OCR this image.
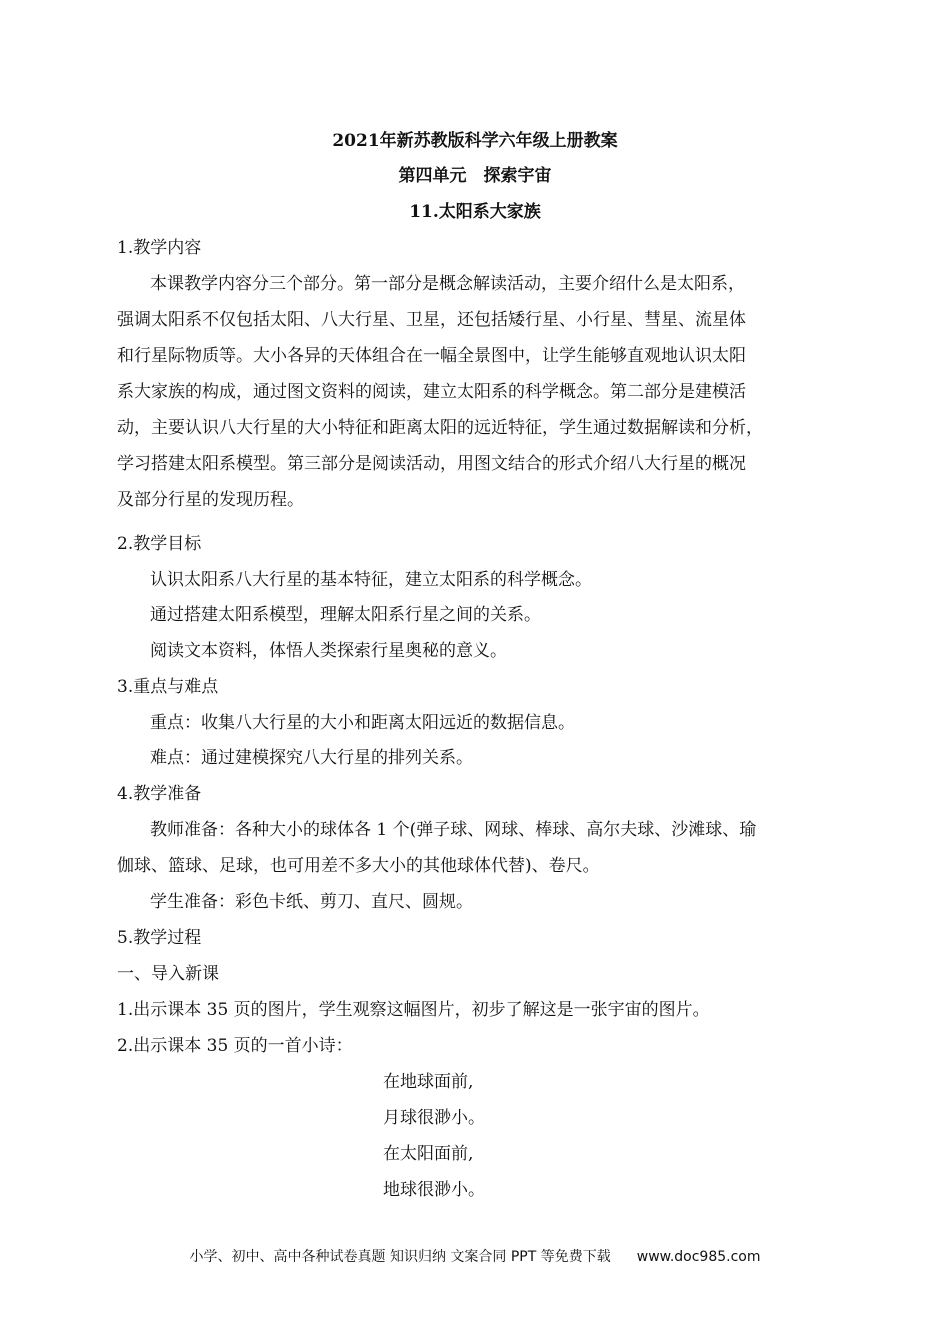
2021年新苏教版科学六年级上册教案
第四单元　探索宇宙
11.太阳系大家族
1.教学内容
本课教学内容分三个部分。第一部分是概念解读活动，主要介绍什么是太阳系，
强调太阳系不仅包括太阳、八大行星、卫星，还包括矮行星、小行星、彗星、流星体
和行星际物质等。大小各异的天体组合在一幅全景图中，让学生能够直观地认识太阳
系大家族的构成，通过图文资料的阅读，建立太阳系的科学概念。第二部分是建模活
动，主要认识八大行星的大小特征和距离太阳的远近特征，学生通过数据解读和分析，
学习搭建太阳系模型。第三部分是阅读活动，用图文结合的形式介绍八大行星的概况
及部分行星的发现历程。
2.教学目标
认识太阳系八大行星的基本特征，建立太阳系的科学概念。
通过搭建太阳系模型，理解太阳系行星之间的关系。
阅读文本资料，体悟人类探索行星奥秘的意义。
3.重点与难点
重点：收集八大行星的大小和距离太阳远近的数据信息。
难点：通过建模探究八大行星的排列关系。
4.教学准备
教师准备：各种大小的球体各 1 个(弹子球、网球、棒球、高尔夫球、沙滩球、瑜
伽球、篮球、足球，也可用差不多大小的其他球体代替)、卷尺。
学生准备：彩色卡纸、剪刀、直尺、圆规。
5.教学过程
一、导入新课
1.出示课本 35 页的图片，学生观察这幅图片，初步了解这是一张宇宙的图片。
2.出示课本 35 页的一首小诗：
在地球面前,
月球很渺小。
在太阳面前,
地球很渺小。
小学、初中、高中各种试卷真题 知识归纳 文案合同 PPT 等免费下载 www.doc985.com
